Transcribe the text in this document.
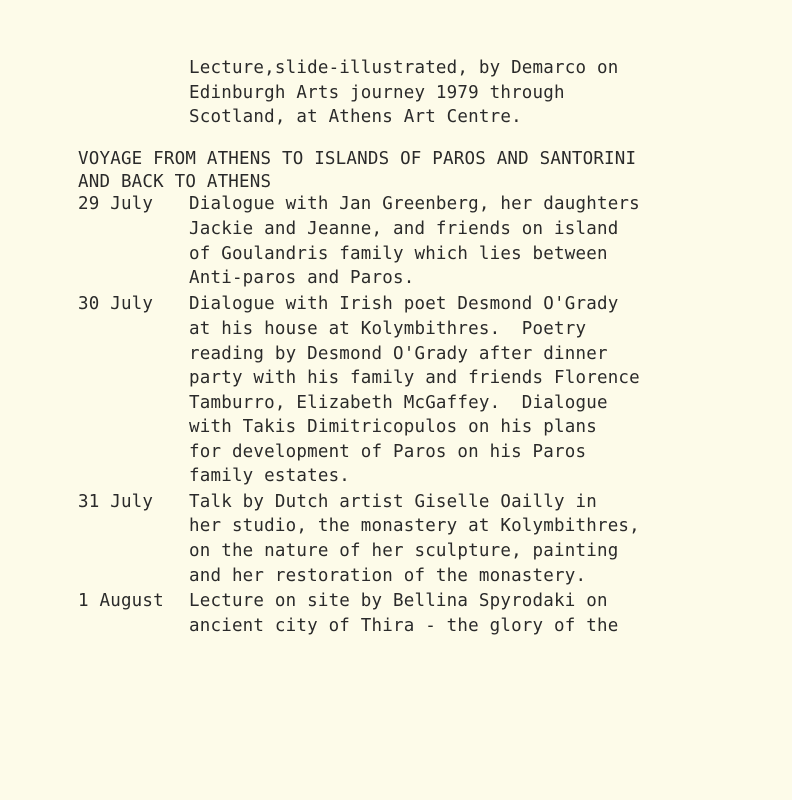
Lecture,slide-illustrated, by Demarco on
Edinburgh Arts journey 1979 through
Scotland, at Athens Art Centre.
VOYAGE FROM ATHENS TO ISLANDS OF PAROS AND SANTORINI
AND BACK TO ATHENS
29 July Dialogue with Jan Greenberg, her daughters
Jackie and Jeanne, and friends on island
of Goulandris family which lies between
Anti-paros and Paros.
30 July Dialogue with Irish poet Desmond O'Grady
at his house at Kolymbithres.  Poetry
reading by Desmond O'Grady after dinner
party with his family and friends Florence
Tamburro, Elizabeth McGaffey.  Dialogue
with Takis Dimitricopulos on his plans
for development of Paros on his Paros
family estates.
31 July Talk by Dutch artist Giselle Oailly in
her studio, the monastery at Kolymbithres,
on the nature of her sculpture, painting
and her restoration of the monastery.
1 August Lecture on site by Bellina Spyrodaki on
ancient city of Thira - the glory of the
